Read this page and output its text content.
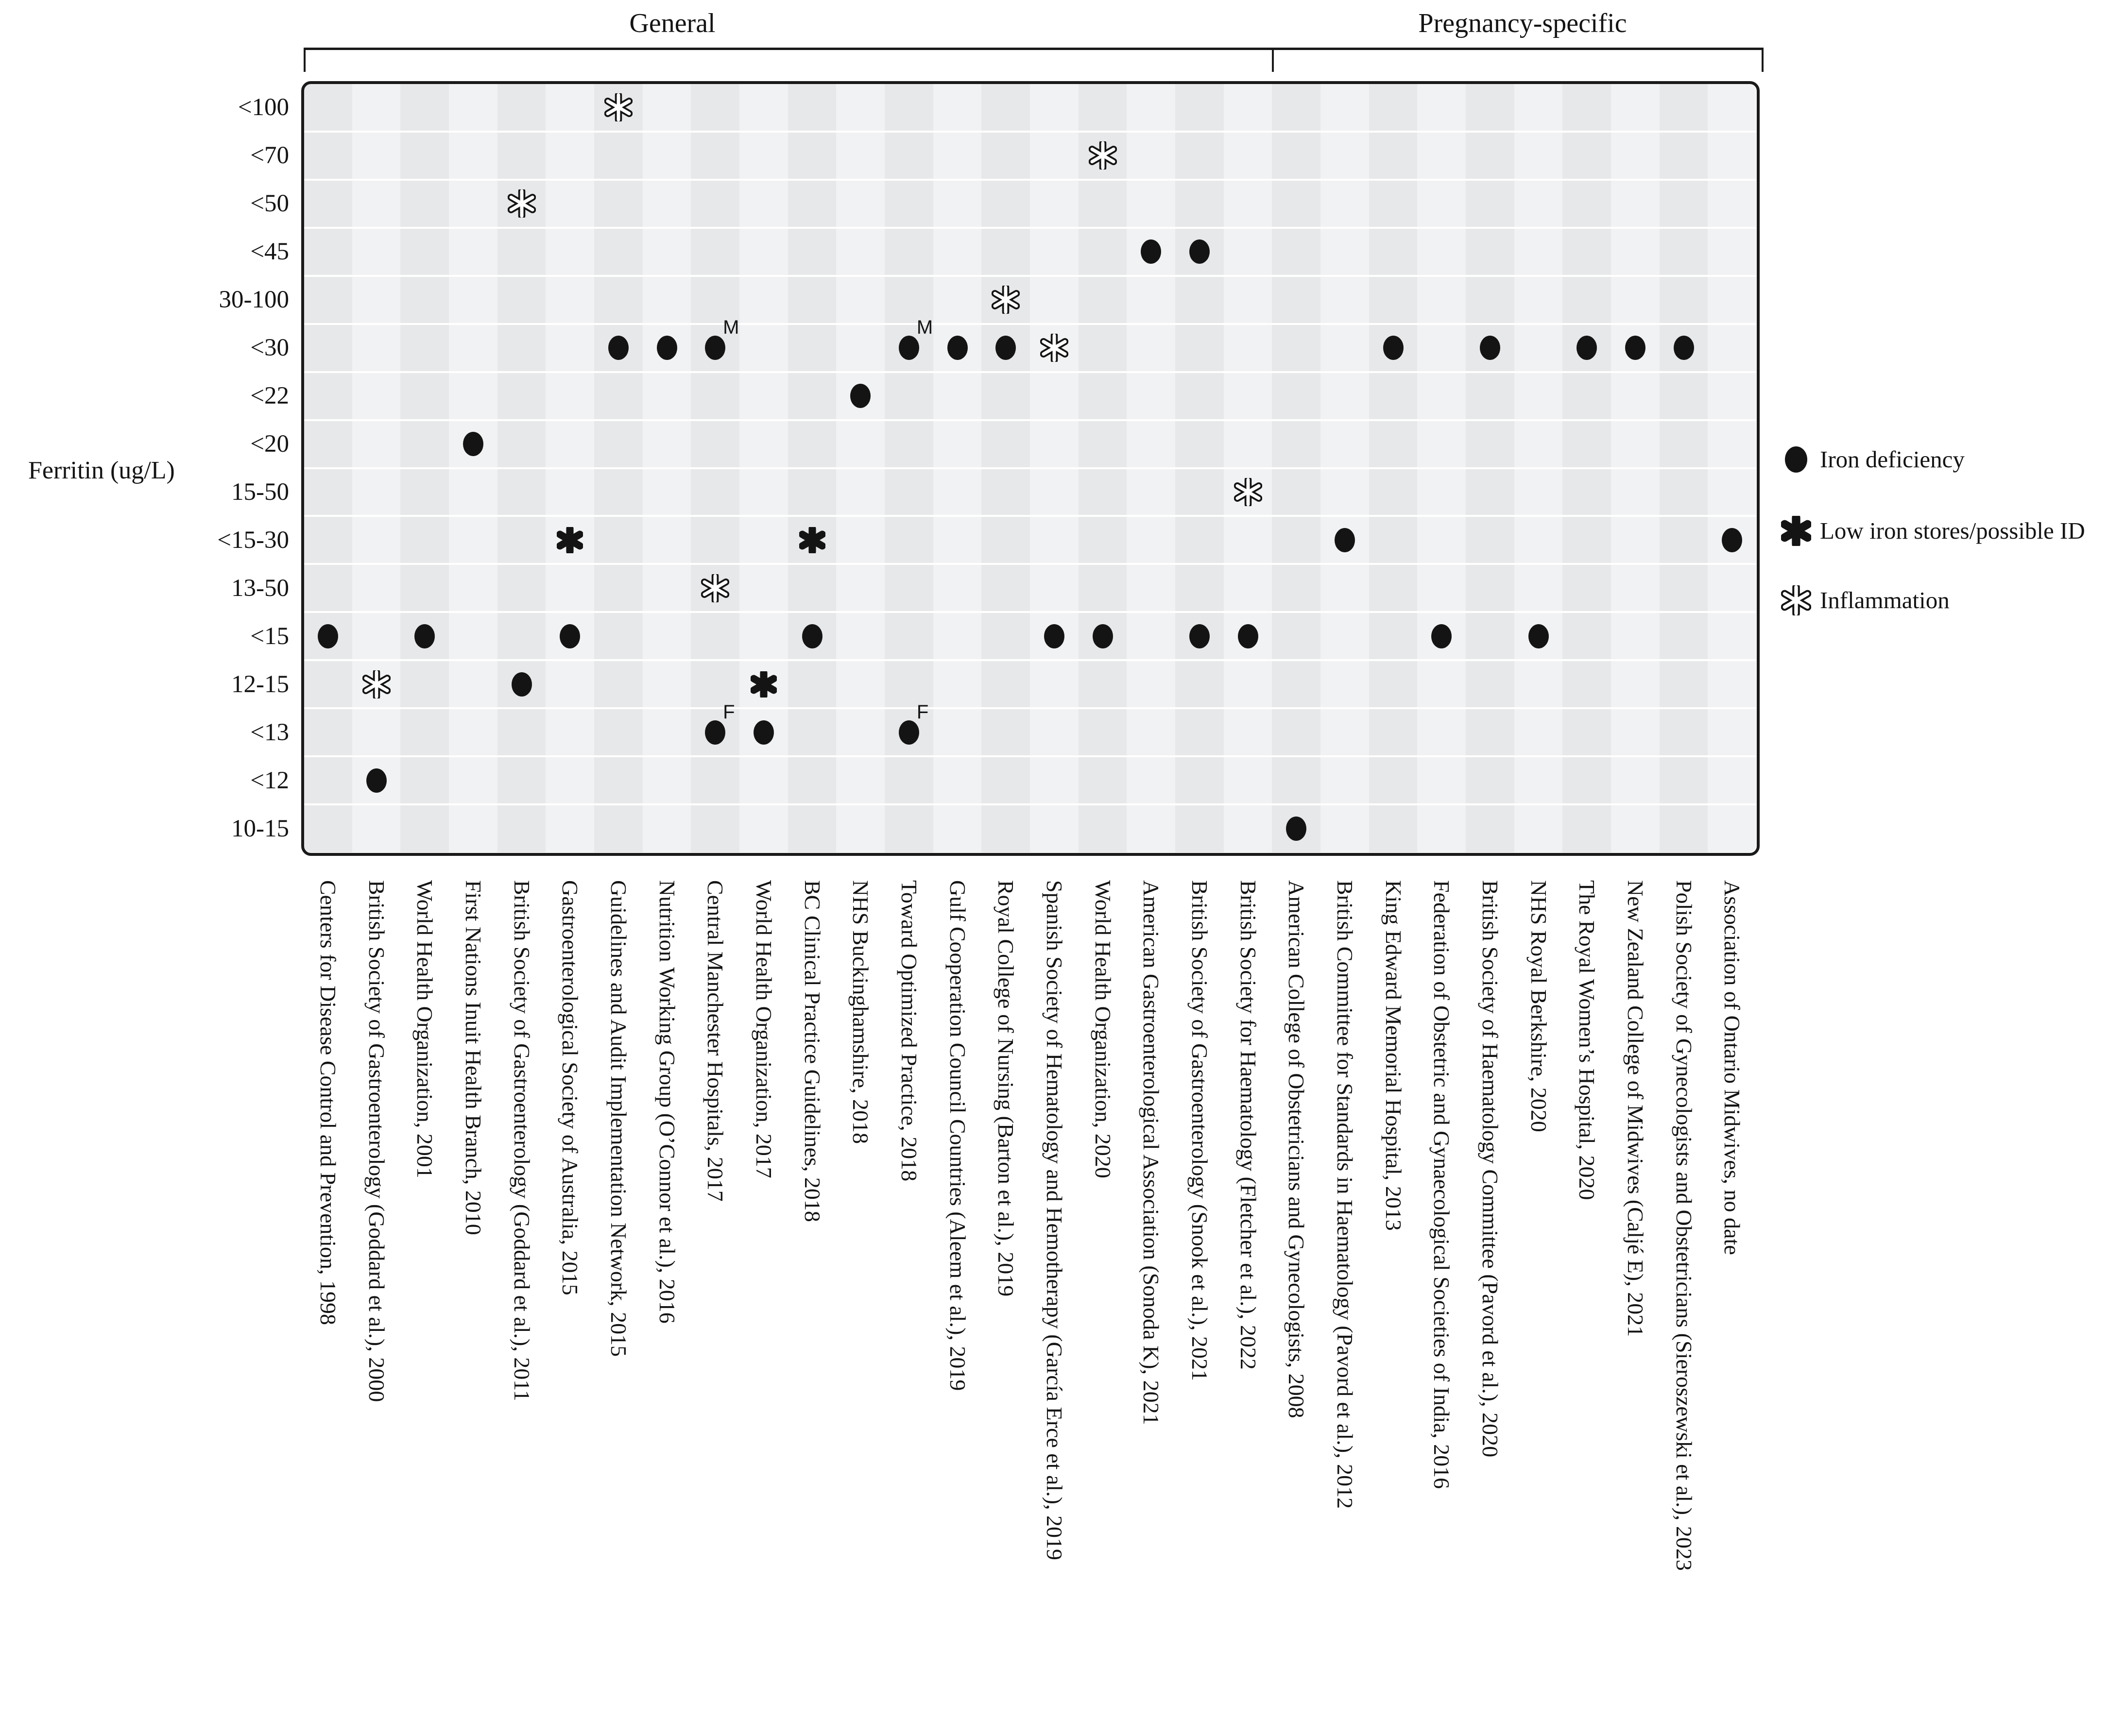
General	Pregnancy-specific
Ferritin (ug/L)
M
F
M
F
<100
<70
<50
<45
30-100
<30
<22
<20
15-50
<15-30
13-50
<15
12-15
<13
<12
10-15
Centers for Disease Control and Prevention, 1998 British Society of Gastroenterology (Goddard et al.), 2000 World Health Organization, 2001 First Nations Inuit Health Branch, 2010 British Society of Gastroenterology (Goddard et al.), 2011 Gastroenterological Society of Australia, 2015 Guidelines and Audit Implementation Network, 2015 Nutrition Working Group (O’Connor et al.), 2016 Central Manchester Hospitals, 2017 World Health Organization, 2017 BC Clinical Practice Guidelines, 2018 NHS Buckinghamshire, 2018 Toward Optimized Practice, 2018 Gulf Cooperation Council Countries (Aleem et al.), 2019 Royal College of Nursing (Barton et al.), 2019 Spanish Society of Hematology and Hemotherapy (García Erce et al.), 2019 World Health Organization, 2020 American Gastroenterological Association (Sonoda K), 2021 British Society of Gastroenterology (Snook et al.), 2021 British Society for Haematology (Fletcher et al.), 2022 American College of Obstetricians and Gynecologists, 2008 British Committee for Standards in Haematology (Pavord et al.), 2012 King Edward Memorial Hospital, 2013 Federation of Obstetric and Gynaecological Societies of India, 2016 British Society of Haematology Committee (Pavord et al.), 2020 NHS Royal Berkshire, 2020 The Royal Women’s Hospital, 2020 New Zealand College of Midwives (Caljé E), 2021 Polish Society of Gynecologists and Obstetricians (Sieroszewski et al.), 2023 Association of Ontario Midwives, no date
Iron deficiency
Low iron stores/possible ID
Inflammation
